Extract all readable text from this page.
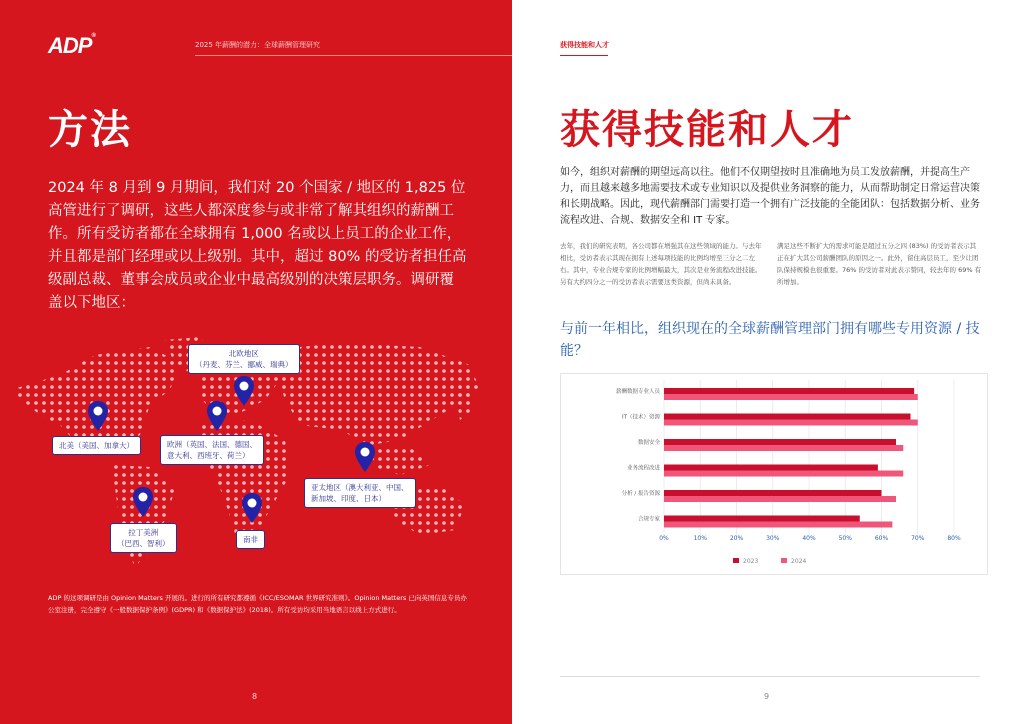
ADP®
2025 年薪酬的潜力：全球薪酬管理研究
方法
2024 年 8 月到 9 月期间，我们对 20 个国家 / 地区的 1,825 位高管进行了调研，这些人都深度参与或非常了解其组织的薪酬工作。所有受访者都在全球拥有 1,000 名或以上员工的企业工作，并且都是部门经理或以上级别。其中，超过 80% 的受访者担任高级副总裁、董事会成员或企业中最高级别的决策层职务。调研覆盖以下地区：
北欧地区
（丹麦、芬兰、挪威、瑞典）
北美（美国、加拿大）	欧洲（英国、法国、德国、
意大利、西班牙、荷兰）
亚太地区（澳大利亚、中国、
新加坡、印度、日本）
拉丁美洲
（巴西、智利）	南非
ADP 的这项调研是由 Opinion Matters 开展的。进行的所有研究都遵循《ICC/ESOMAR 世界研究准则》。Opinion Matters 已向英国信息专员办公室注册，完全遵守《一般数据保护条例》(GDPR) 和《数据保护法》(2018)。所有受访均采用当地语言以线上方式进行。
8
获得技能和人才
获得技能和人才
如今，组织对薪酬的期望远高以往。他们不仅期望按时且准确地为员工发放薪酬，并提高生产力，而且越来越多地需要技术或专业知识以及提供业务洞察的能力，从而帮助制定日常运营决策和长期战略。因此，现代薪酬部门需要打造一个拥有广泛技能的全能团队：包括数据分析、业务流程改进、合规、数据安全和 IT 专家。
去年，我们的研究表明，各公司都在增强其在这些领域的能力。与去年相比，受访者表示其现在拥有上述每项技能的比例均增至三分之二左右。其中，专业合规专家的比例增幅最大，其次是业务流程改进技能。另有大约四分之一的受访者表示需要这类资源，但尚未具备。
满足这些不断扩大的需求可能是超过五分之四 (83%) 的受访者表示其正在扩大其公司薪酬团队的原因之一。此外，留住高层员工，至少让团队保持规模也很重要。76% 的受访者对此表示赞同，较去年的 69% 有所增加。
与前一年相比，组织现在的全球薪酬管理部门拥有哪些专用资源 / 技能？
0%	10%	20%	30%	40%	50%	60%	70%	80%
薪酬数据专业人员
IT（技术）资源
数据安全
业务流程改进
分析 / 报告资源
合规专家
2023	2024
9
